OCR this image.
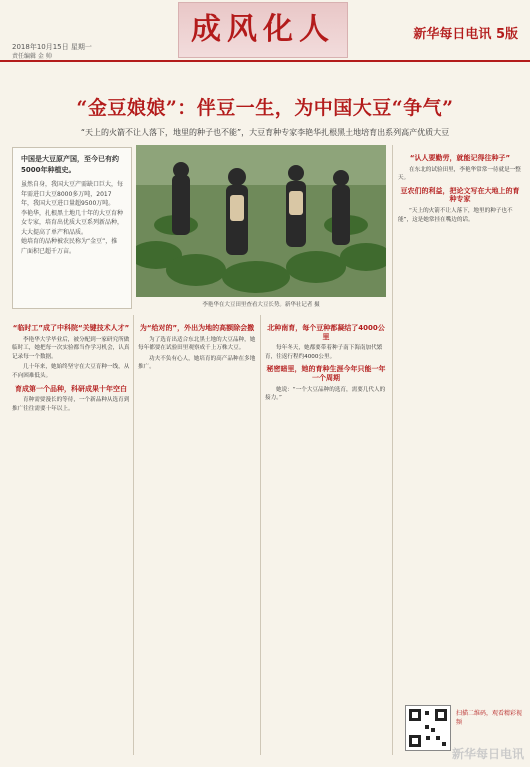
2018年10月15日 星期一
责任编辑 金 帅
成风化人	新华每日电讯 5版
“金豆娘娘”：伴豆一生，为中国大豆“争气”
“天上的火箭不让人落下，地里的种子也不能”，大豆育种专家李艳华扎根黑土地培育出系列高产优质大豆
中国是大豆原产国，至今已有约5000年种植史。
虽然自身，我国大豆产需缺口巨大，每年需进口大豆8000多万吨，2017年，我国大豆进口量超9500万吨。
李艳华，扎根黑土地几十年的大豆育种女专家，培育出优质大豆系列新品种，大大提高了单产和品质。
她培育的品种被农民称为“金豆”，推广面积已超千万亩。
李艳华在大豆田里查看大豆长势。新华社记者 摄
“临时工”成了中科院“关键技术人才”

李艳华大学毕业后，被分配到一家研究所做临时工，她把每一次实验都当作学习机会，认真记录每一个数据。

几十年来，她始终坚守在大豆育种一线，从不向困难低头。

育成第一个品种，科研成果十年空白

育种需要漫长的等待，一个新品种从选育到推广往往需要十年以上。

为“给对的”，外出为地的高额除会撒

为了选育出适合东北黑土地的大豆品种，她每年都要在试验田里观察成千上万株大豆。

功夫不负有心人，她培育的高产品种在多地推广。

北种南育，每个豆种都凝结了4000公里

每年冬天，她都要带着种子南下海南加代繁育，往返行程约4000公里。

秘密暗里，她的育种生涯今年只能一年一个周期

她说：“一个大豆品种的选育，需要几代人的接力。”

“认人要勤劳，就能记得往种子”

在东北的试验田里，李艳华常常一待就是一整天。

豆农们的利益，把论文写在大地上的育种专家

“天上的火箭不让人落下，地里的种子也不能”，这是她常挂在嘴边的话。

扫描二维码，观看精彩视频
新华每日电讯
